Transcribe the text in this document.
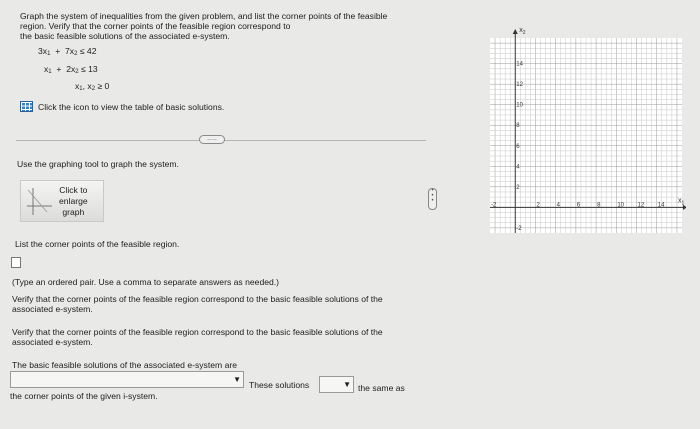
Graph the system of inequalities from the given problem, and list the corner points of the feasible
region. Verify that the corner points of the feasible region correspond to
the basic feasible solutions of the associated e-system.
3x1  +  7x2 ≤ 42
x1  +  2x2 ≤ 13
x1, x2 ≥ 0
Click the icon to view the table of basic solutions.
.....
Use the graphing tool to graph the system.
Click to
enlarge
graph
List the corner points of the feasible region.
(Type an ordered pair. Use a comma to separate answers as needed.)
Verify that the corner points of the feasible region correspond to the basic feasible solutions of the
associated e-system.
Verify that the corner points of the feasible region correspond to the basic feasible solutions of the
associated e-system.
The basic feasible solutions of the associated e-system are
▼
These solutions	▼ the same as
the corner points of the given i-system.
•
•
•
2	4	6	8	10 12 14
-2
14
12
10
8
6
4
2
-2
$x_1$
$x_2$
